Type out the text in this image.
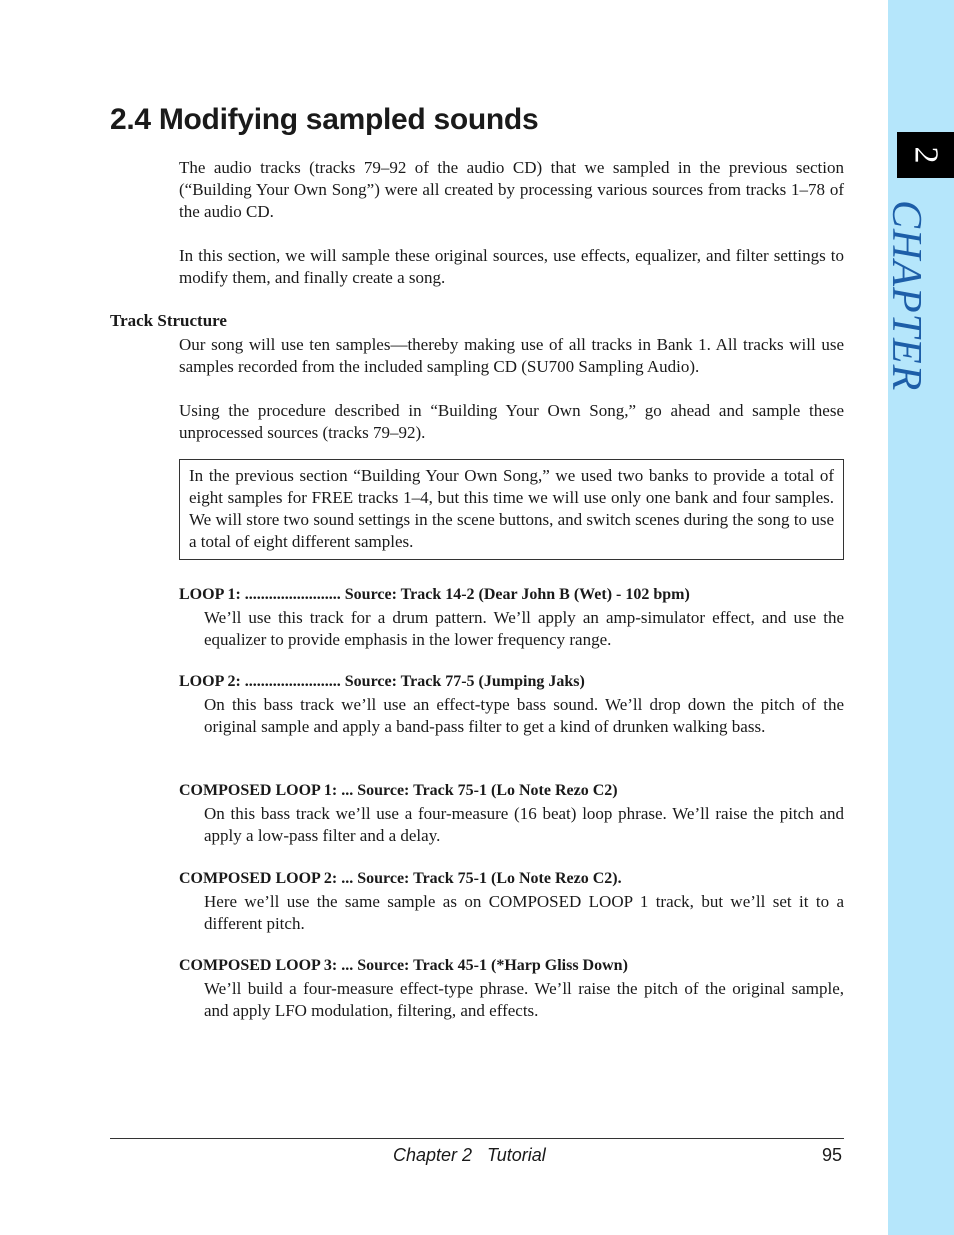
2
CHAPTER
2.4 Modifying sampled sounds

The audio tracks (tracks 79–92 of the audio CD) that we sampled in the previous section (“Building Your Own Song”) were all created by processing various sources from tracks 1–78 of the audio CD.

In this section, we will sample these original sources, use effects, equalizer, and filter settings to modify them, and finally create a song.

Track Structure

Our song will use ten samples—thereby making use of all tracks in Bank 1. All tracks will use samples recorded from the included sampling CD (SU700 Sampling Audio).

Using the procedure described in “Building Your Own Song,” go ahead and sample these unprocessed sources (tracks 79–92).

In the previous section “Building Your Own Song,” we used two banks to provide a total of eight samples for FREE tracks 1–4, but this time we will use only one bank and four samples. We will store two sound settings in the scene buttons, and switch scenes during the song to use a total of eight different samples.

LOOP 1: ........................ Source: Track 14-2 (Dear John B (Wet) - 102 bpm)

We’ll use this track for a drum pattern. We’ll apply an amp-simulator effect, and use the equalizer to provide emphasis in the lower frequency range.

LOOP 2: ........................ Source: Track 77-5 (Jumping Jaks)

On this bass track we’ll use an effect-type bass sound. We’ll drop down the pitch of the original sample and apply a band-pass filter to get a kind of drunken walking bass.

COMPOSED LOOP 1: ... Source: Track 75-1 (Lo Note Rezo C2)

On this bass track we’ll use a four-measure (16 beat) loop phrase. We’ll raise the pitch and apply a low-pass filter and a delay.

COMPOSED LOOP 2: ... Source: Track 75-1 (Lo Note Rezo C2).

Here we’ll use the same sample as on COMPOSED LOOP 1 track, but we’ll set it to a different pitch.

COMPOSED LOOP 3: ... Source: Track 45-1 (*Harp Gliss Down)

We’ll build a four-measure effect-type phrase. We’ll raise the pitch of the original sample, and apply LFO modulation, filtering, and effects.

Chapter 2   Tutorial	95
